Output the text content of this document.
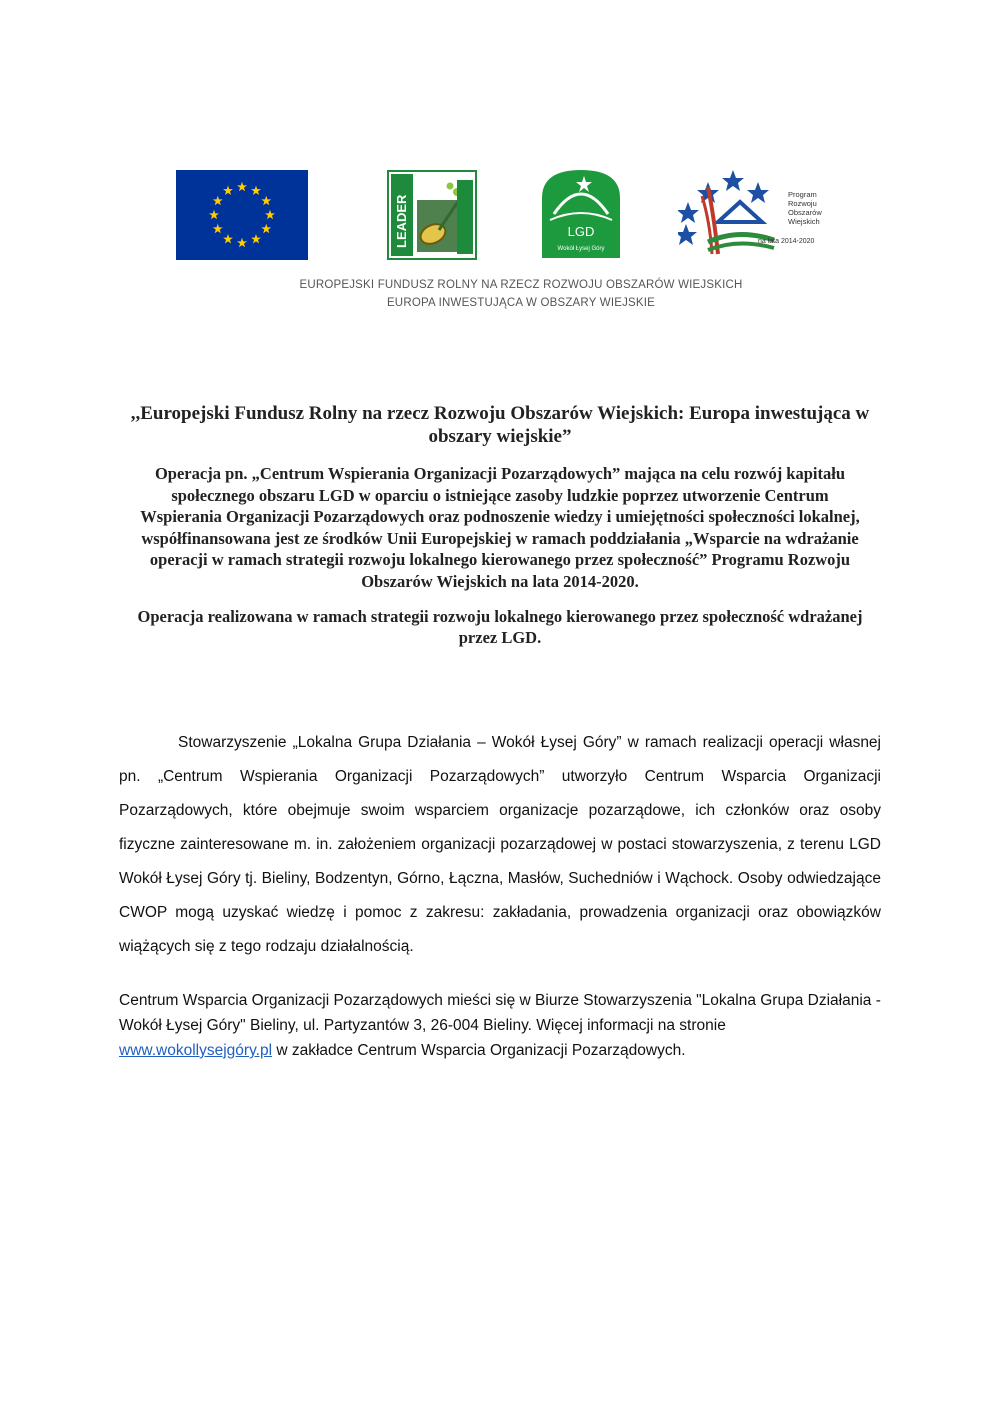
LEADER	LGD
Wokół Łysej Góry
Program
Rozwoju
Obszarów
Wiejskich
na lata 2014-2020
EUROPEJSKI FUNDUSZ ROLNY NA RZECZ ROZWOJU OBSZARÓW WIEJSKICH
EUROPA INWESTUJĄCA W OBSZARY WIEJSKIE
,,Europejski Fundusz Rolny na rzecz Rozwoju Obszarów Wiejskich: Europa inwestująca w obszary wiejskie”
Operacja pn. „Centrum Wspierania Organizacji Pozarządowych” mająca na celu rozwój kapitału społecznego obszaru LGD w oparciu o istniejące zasoby ludzkie poprzez utworzenie Centrum Wspierania Organizacji Pozarządowych oraz podnoszenie wiedzy i umiejętności społeczności lokalnej, współfinansowana jest ze środków Unii Europejskiej w ramach poddziałania „Wsparcie na wdrażanie operacji w ramach strategii rozwoju lokalnego kierowanego przez społeczność” Programu Rozwoju Obszarów Wiejskich na lata 2014-2020.
Operacja realizowana w ramach strategii rozwoju lokalnego kierowanego przez społeczność wdrażanej przez LGD.
Stowarzyszenie „Lokalna Grupa Działania – Wokół Łysej Góry” w ramach realizacji operacji własnej pn. „Centrum Wspierania Organizacji Pozarządowych” utworzyło Centrum Wsparcia Organizacji Pozarządowych, które obejmuje swoim wsparciem organizacje pozarządowe, ich członków oraz osoby fizyczne zainteresowane m. in. założeniem organizacji pozarządowej w postaci stowarzyszenia, z terenu LGD Wokół Łysej Góry tj. Bieliny, Bodzentyn, Górno, Łączna, Masłów, Suchedniów i Wąchock. Osoby odwiedzające CWOP mogą uzyskać wiedzę i pomoc z zakresu: zakładania, prowadzenia organizacji oraz obowiązków wiążących się z tego rodzaju działalnością.
Centrum Wsparcia Organizacji Pozarządowych mieści się w Biurze Stowarzyszenia "Lokalna Grupa Działania - Wokół Łysej Góry" Bieliny, ul. Partyzantów 3, 26-004 Bieliny. Więcej informacji na stronie www.wokollysejgóry.pl w zakładce Centrum Wsparcia Organizacji Pozarządowych.
